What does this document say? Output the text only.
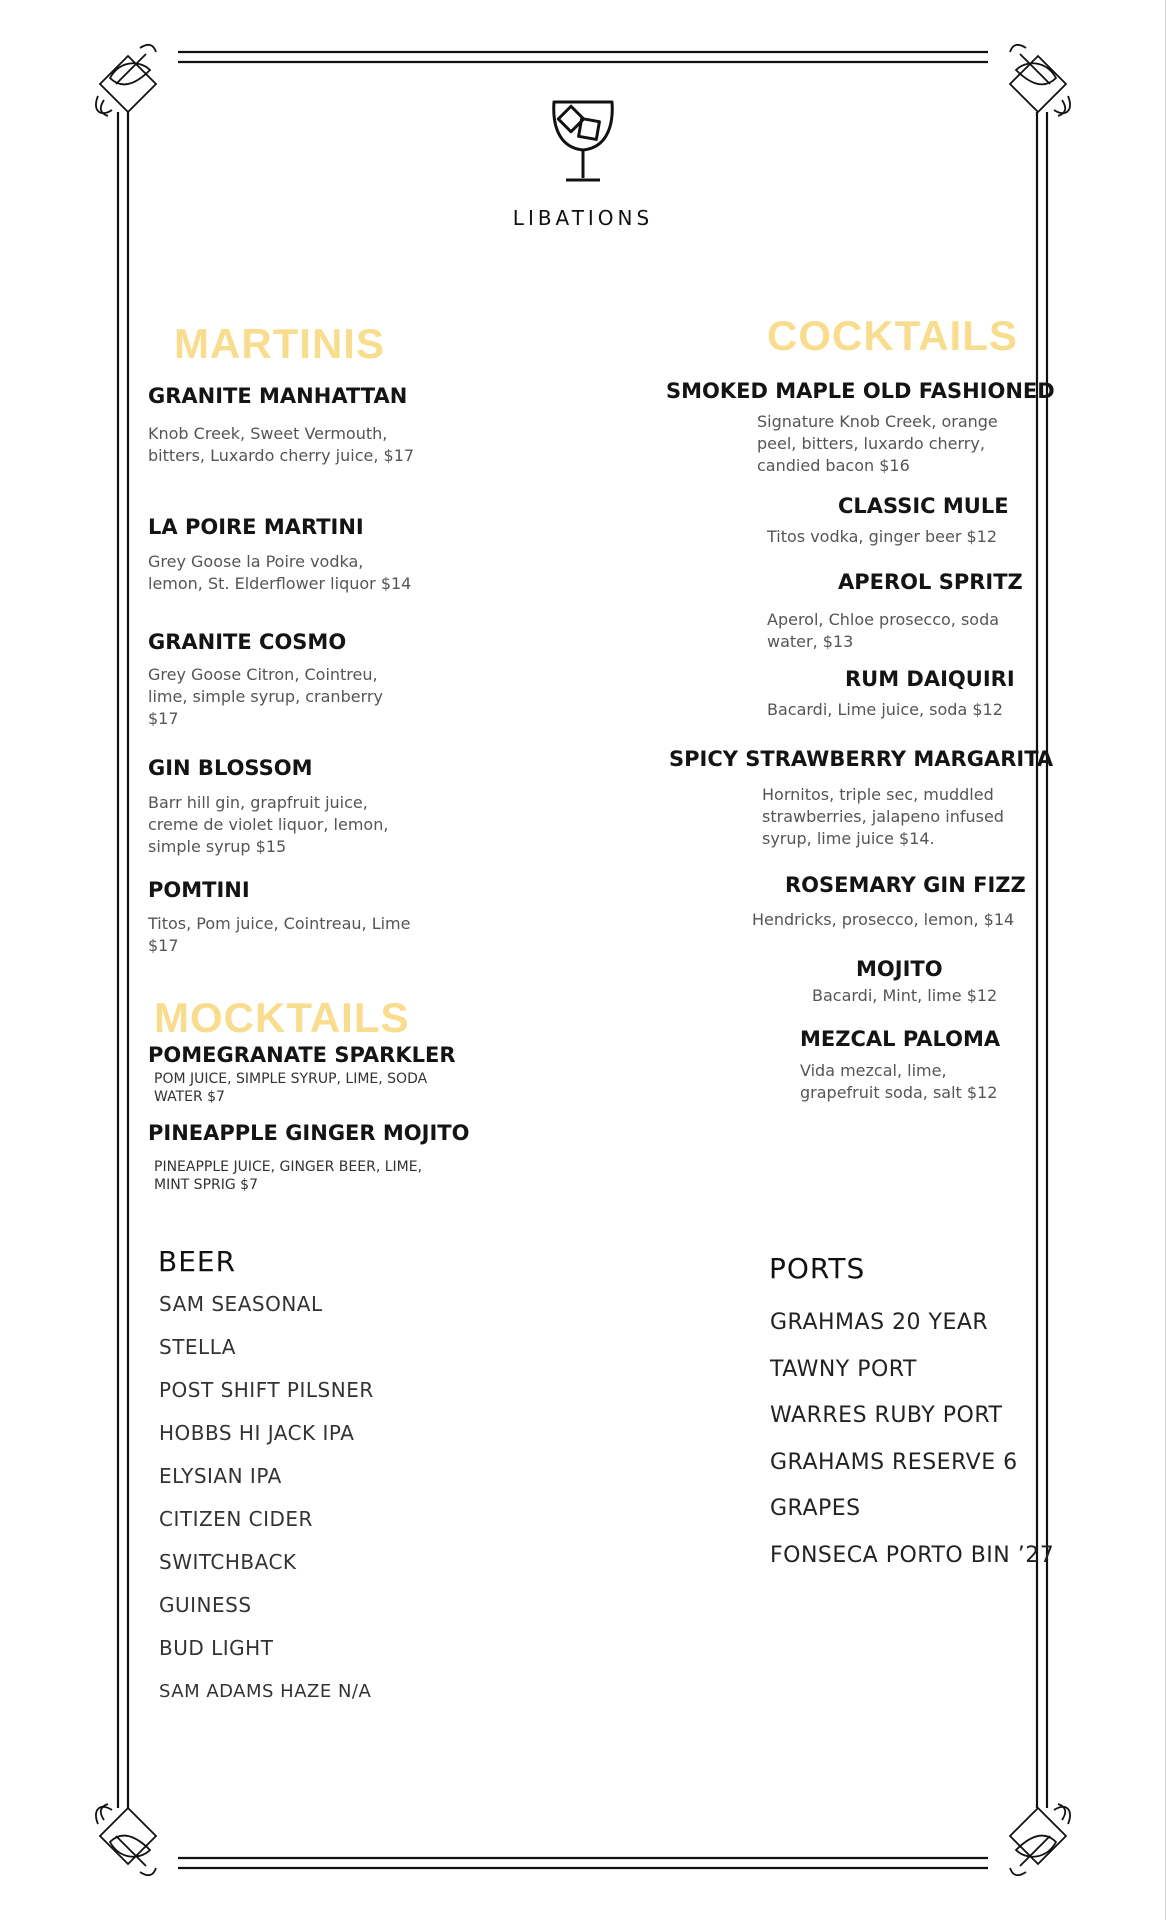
LIBATIONS
MARTINIS
GRANITE MANHATTAN
Knob Creek, Sweet Vermouth, bitters, Luxardo cherry juice, $17
LA POIRE MARTINI
Grey Goose la Poire vodka, lemon, St. Elderflower liquor $14
GRANITE COSMO
Grey Goose Citron, Cointreu, lime, simple syrup, cranberry $17
GIN BLOSSOM
Barr hill gin, grapfruit juice, creme de violet liquor, lemon, simple syrup $15
POMTINI
Titos, Pom juice, Cointreau, Lime $17
MOCKTAILS
POMEGRANATE SPARKLER
POM JUICE, SIMPLE SYRUP, LIME, SODA WATER $7
PINEAPPLE GINGER MOJITO
PINEAPPLE JUICE, GINGER BEER, LIME, MINT SPRIG $7
COCKTAILS
SMOKED MAPLE OLD FASHIONED
Signature Knob Creek, orange peel, bitters, luxardo cherry, candied bacon $16
CLASSIC MULE
Titos vodka, ginger beer $12
APEROL SPRITZ
Aperol, Chloe prosecco, soda water, $13
RUM DAIQUIRI
Bacardi, Lime juice, soda $12
SPICY STRAWBERRY MARGARITA
Hornitos, triple sec, muddled strawberries, jalapeno infused syrup, lime juice $14.
ROSEMARY GIN FIZZ
Hendricks, prosecco, lemon, $14
MOJITO
Bacardi, Mint, lime $12
MEZCAL PALOMA
Vida mezcal, lime, grapefruit soda, salt $12
BEER
SAM SEASONAL
STELLA
POST SHIFT PILSNER
HOBBS HI JACK IPA
ELYSIAN IPA
CITIZEN CIDER
SWITCHBACK
GUINESS
BUD LIGHT
SAM ADAMS HAZE N/A
PORTS
GRAHMAS 20 YEAR
TAWNY PORT
WARRES RUBY PORT
GRAHAMS RESERVE 6
GRAPES
FONSECA PORTO BIN ’27
